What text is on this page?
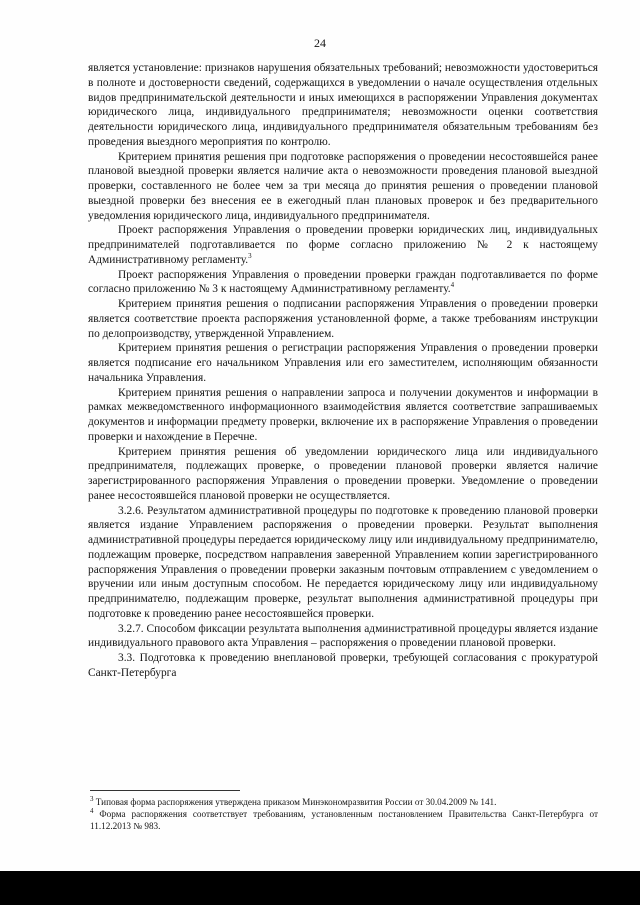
24

является установление: признаков нарушения обязательных требований; невозможности удостовериться в полноте и достоверности сведений, содержащихся в уведомлении о начале осуществления отдельных видов предпринимательской деятельности и иных имеющихся в распоряжении Управления документах юридического лица, индивидуального предпринимателя; невозможности оценки соответствия деятельности юридического лица, индивидуального предпринимателя обязательным требованиям без проведения выездного мероприятия по контролю.

Критерием принятия решения при подготовке распоряжения о проведении несостоявшейся ранее плановой выездной проверки является наличие акта о невозможности проведения плановой выездной проверки, составленного не более чем за три месяца до принятия решения о проведении плановой выездной проверки без внесения ее в ежегодный план плановых проверок и без предварительного уведомления юридического лица, индивидуального предпринимателя.

Проект распоряжения Управления о проведении проверки юридических лиц, индивидуальных предпринимателей подготавливается по форме согласно приложению № 2 к настоящему Административному регламенту.$^3$

Проект распоряжения Управления о проведении проверки граждан подготавливается по форме согласно приложению № 3 к настоящему Административному регламенту.$^4$

Критерием принятия решения о подписании распоряжения Управления о проведении проверки является соответствие проекта распоряжения установленной форме, а также требованиям инструкции по делопроизводству, утвержденной Управлением.

Критерием принятия решения о регистрации распоряжения Управления о проведении проверки является подписание его начальником Управления или его заместителем, исполняющим обязанности начальника Управления.

Критерием принятия решения о направлении запроса и получении документов и информации в рамках межведомственного информационного взаимодействия является соответствие запрашиваемых документов и информации предмету проверки, включение их в распоряжение Управления о проведении проверки и нахождение в Перечне.

Критерием принятия решения об уведомлении юридического лица или индивидуального предпринимателя, подлежащих проверке, о проведении плановой проверки является наличие зарегистрированного распоряжения Управления о проведении проверки. Уведомление о проведении ранее несостоявшейся плановой проверки не осуществляется.

3.2.6. Результатом административной процедуры по подготовке к проведению плановой проверки является издание Управлением распоряжения о проведении проверки. Результат выполнения административной процедуры передается юридическому лицу или индивидуальному предпринимателю, подлежащим проверке, посредством направления заверенной Управлением копии зарегистрированного распоряжения Управления о проведении проверки заказным почтовым отправлением с уведомлением о вручении или иным доступным способом. Не передается юридическому лицу или индивидуальному предпринимателю, подлежащим проверке, результат выполнения административной процедуры при подготовке к проведению ранее несостоявшейся проверки.

3.2.7. Способом фиксации результата выполнения административной процедуры является издание индивидуального правового акта Управления – распоряжения о проведении плановой проверки.

3.3. Подготовка к проведению внеплановой проверки, требующей согласования с прокуратурой Санкт-Петербурга

$^3$ Типовая форма распоряжения утверждена приказом Минэкономразвития России от 30.04.2009 № 141.

$^4$ Форма распоряжения соответствует требованиям, установленным постановлением Правительства Санкт-Петербурга от 11.12.2013 № 983.
